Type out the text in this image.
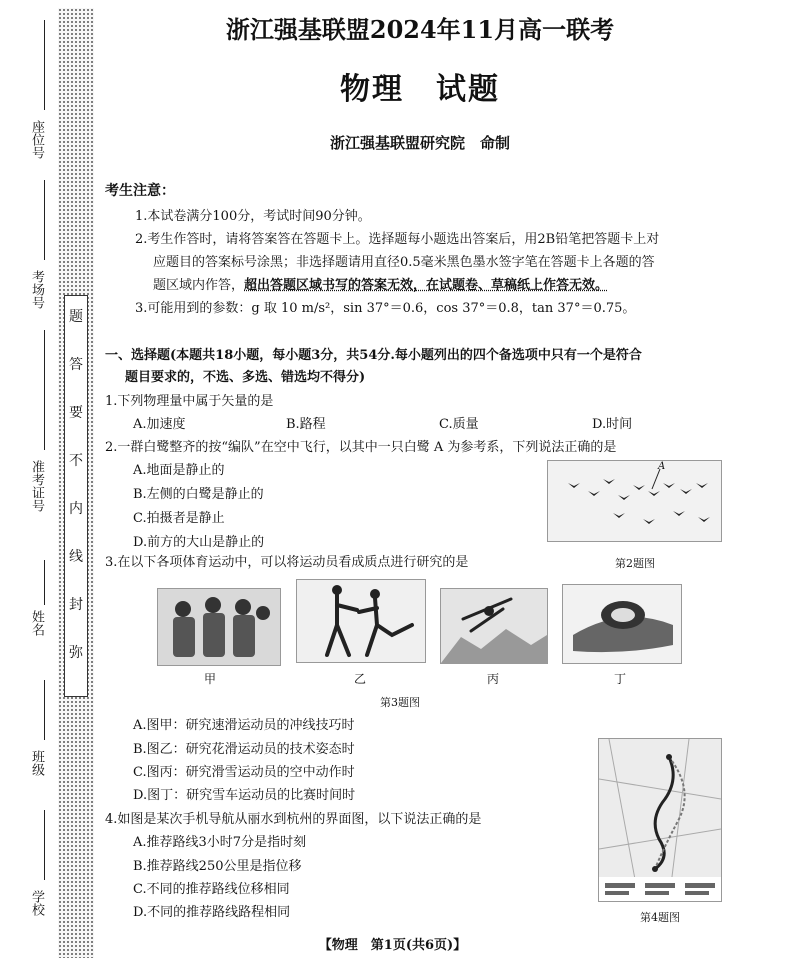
座位号
考场号
准考证号
姓名
班级
学校
题
答
要
不
内
线
封
弥
浙江强基联盟2024年11月高一联考
物理　试题
浙江强基联盟研究院　命制
考生注意：
1.本试卷满分100分，考试时间90分钟。
2.考生作答时，请将答案答在答题卡上。选择题每小题选出答案后，用2B铅笔把答题卡上对
应题目的答案标号涂黑；非选择题请用直径0.5毫米黑色墨水签字笔在答题卡上各题的答
题区域内作答，超出答题区域书写的答案无效，在试题卷、草稿纸上作答无效。
3.可能用到的参数：g 取 10 m/s²，sin 37°＝0.6，cos 37°＝0.8，tan 37°＝0.75。
一、选择题(本题共18小题，每小题3分，共54分.每小题列出的四个备选项中只有一个是符合
题目要求的，不选、多选、错选均不得分)
1.下列物理量中属于矢量的是
A.加速度	B.路程	C.质量	D.时间
2.一群白鹭整齐的按“编队”在空中飞行，以其中一只白鹭 A 为参考系，下列说法正确的是
A.地面是静止的
B.左侧的白鹭是静止的
C.拍摄者是静止
D.前方的大山是静止的
A
第2题图
3.在以下各项体育运动中，可以将运动员看成质点进行研究的是
甲	乙	丙	丁
第3题图
A.图甲：研究速滑运动员的冲线技巧时
B.图乙：研究花滑运动员的技术姿态时
C.图丙：研究滑雪运动员的空中动作时
D.图丁：研究雪车运动员的比赛时间时
4.如图是某次手机导航从丽水到杭州的界面图，以下说法正确的是
A.推荐路线3小时7分是指时刻
B.推荐路线250公里是指位移
C.不同的推荐路线位移相同
D.不同的推荐路线路程相同	第4题图
【物理　第1页(共6页)】
